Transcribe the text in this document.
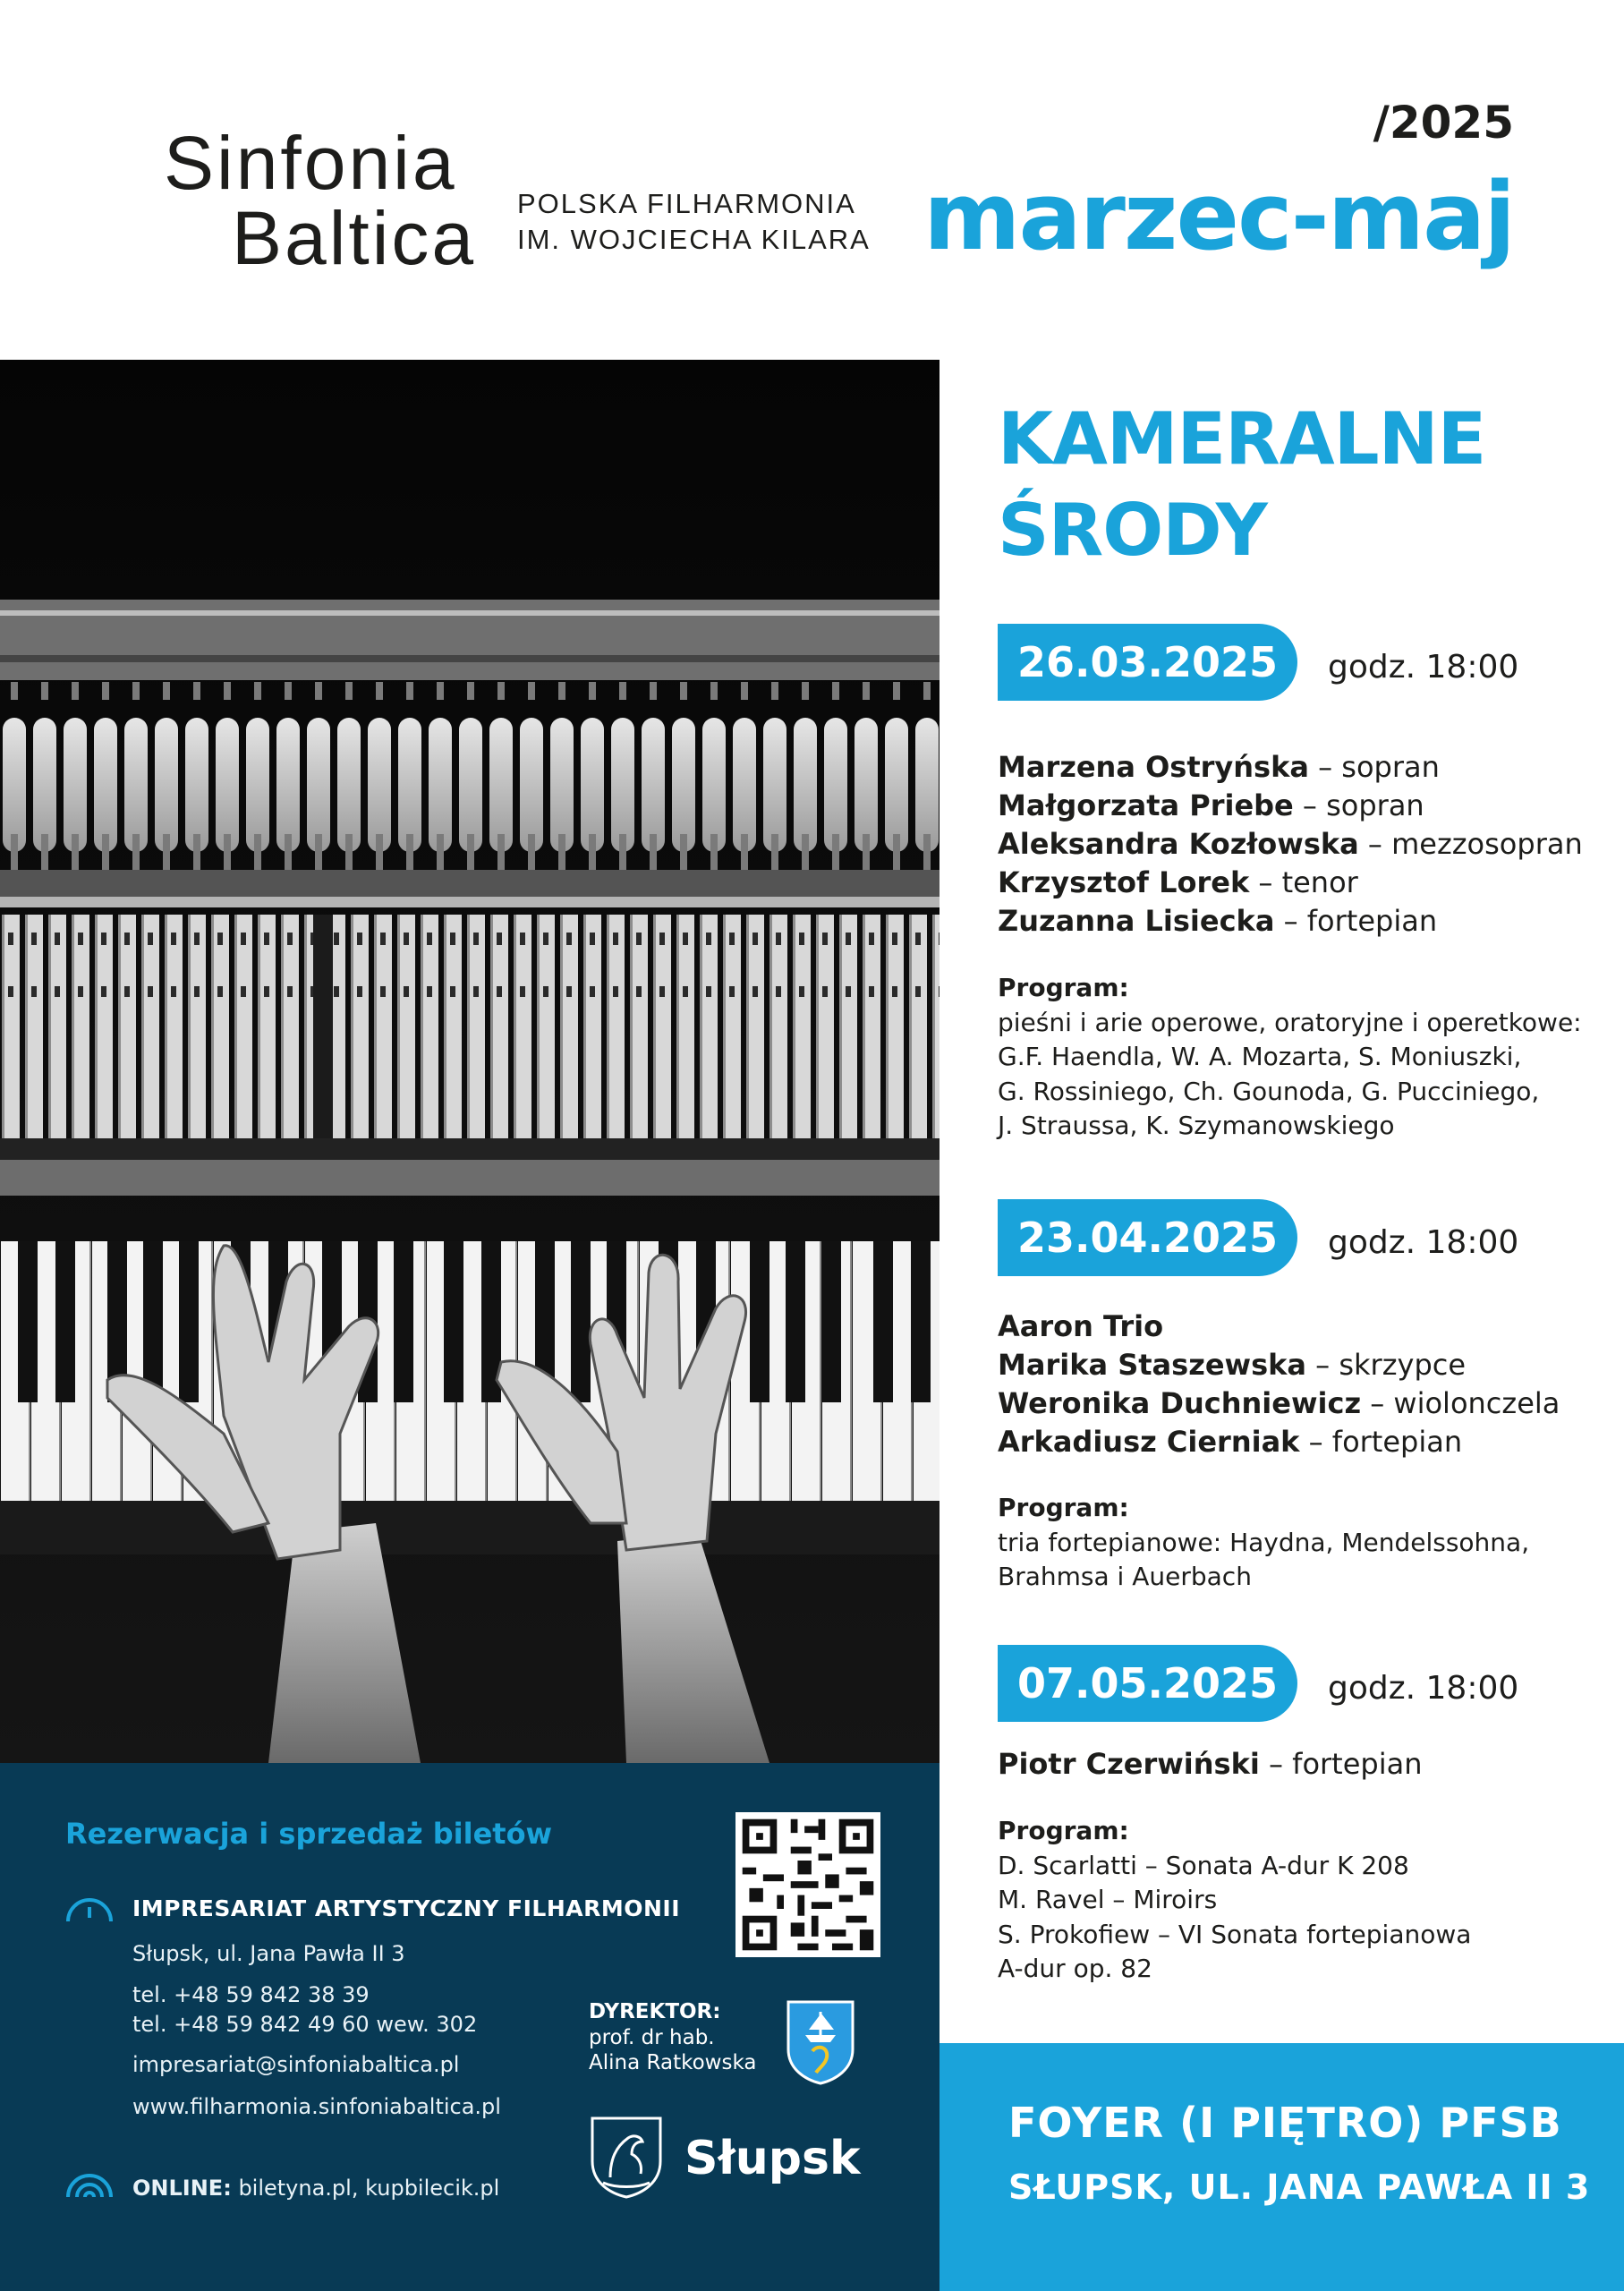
Sinfonia
Baltica POLSKA FILHARMONIA
IM. WOJCIECHA KILARA
/2025
marzec-maj
Rezerwacja i sprzedaż biletów
IMPRESARIAT ARTYSTYCZNY FILHARMONII
Słupsk, ul. Jana Pawła II 3
tel. +48 59 842 38 39
tel. +48 59 842 49 60 wew. 302
impresariat@sinfoniabaltica.pl
www.filharmonia.sinfoniabaltica.pl
ONLINE: biletyna.pl, kupbilecik.pl
DYREKTOR:
prof. dr hab.
Alina Ratkowska
Słupsk
KAMERALNE
ŚRODY
26.03.2025	godz. 18:00
Marzena Ostryńska – sopran
Małgorzata Priebe – sopran
Aleksandra Kozłowska – mezzosopran
Krzysztof Lorek – tenor
Zuzanna Lisiecka – fortepian
Program:
pieśni i arie operowe, oratoryjne i operetkowe:
G.F. Haendla, W. A. Mozarta, S. Moniuszki,
G. Rossiniego, Ch. Gounoda, G. Pucciniego,
J. Straussa, K. Szymanowskiego
23.04.2025	godz. 18:00
Aaron Trio
Marika Staszewska – skrzypce
Weronika Duchniewicz – wiolonczela
Arkadiusz Cierniak – fortepian
Program:
tria fortepianowe: Haydna, Mendelssohna,
Brahmsa i Auerbach
07.05.2025	godz. 18:00
Piotr Czerwiński – fortepian
Program:
D. Scarlatti – Sonata A-dur K 208
M. Ravel – Miroirs
S. Prokofiew – VI Sonata fortepianowa
A-dur op. 82
FOYER (I PIĘTRO) PFSB
SŁUPSK, UL. JANA PAWŁA II 3
